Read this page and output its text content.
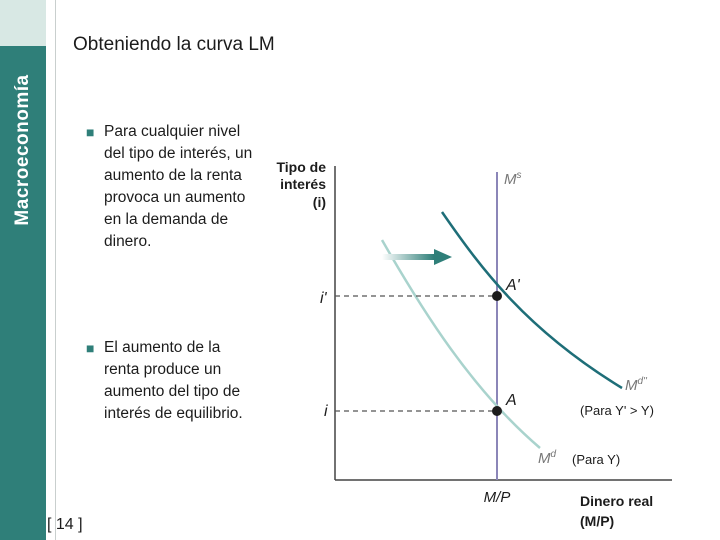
Macroeconomía
Obteniendo la curva LM
■ Para cualquier nivel del tipo de interés, un aumento de la renta provoca un aumento en la demanda de dinero.
■ El aumento de la renta produce un aumento del tipo de interés de equilibrio.
[ 14 ]
Tipo de
interés
(i)
$M^s$
A'
A
i'
i
$M^{d''}$
(Para Y' > Y)
$M^d$ (Para Y)
M/P	Dinero real
(M/P)
